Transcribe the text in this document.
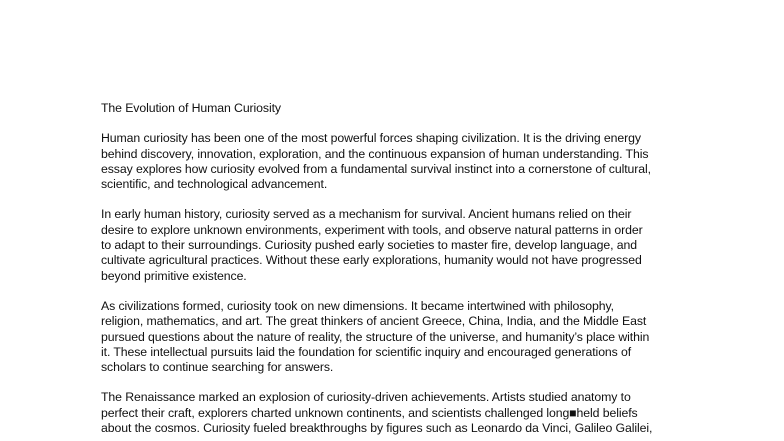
The Evolution of Human Curiosity
Human curiosity has been one of the most powerful forces shaping civilization. It is the driving energy
behind discovery, innovation, exploration, and the continuous expansion of human understanding. This
essay explores how curiosity evolved from a fundamental survival instinct into a cornerstone of cultural,
scientific, and technological advancement.
In early human history, curiosity served as a mechanism for survival. Ancient humans relied on their
desire to explore unknown environments, experiment with tools, and observe natural patterns in order
to adapt to their surroundings. Curiosity pushed early societies to master fire, develop language, and
cultivate agricultural practices. Without these early explorations, humanity would not have progressed
beyond primitive existence.
As civilizations formed, curiosity took on new dimensions. It became intertwined with philosophy,
religion, mathematics, and art. The great thinkers of ancient Greece, China, India, and the Middle East
pursued questions about the nature of reality, the structure of the universe, and humanity’s place within
it. These intellectual pursuits laid the foundation for scientific inquiry and encouraged generations of
scholars to continue searching for answers.
The Renaissance marked an explosion of curiosity-driven achievements. Artists studied anatomy to
perfect their craft, explorers charted unknown continents, and scientists challenged long■held beliefs
about the cosmos. Curiosity fueled breakthroughs by figures such as Leonardo da Vinci, Galileo Galilei,
